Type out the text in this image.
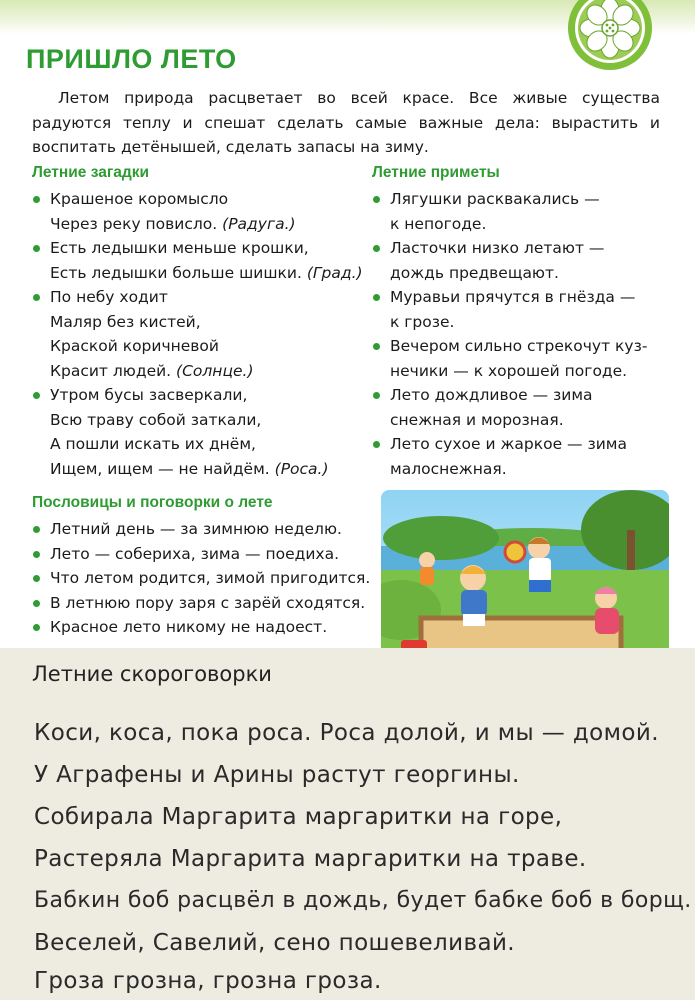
ПРИШЛО ЛЕТО
Летом природа расцветает во всей красе. Все живые существа радуются теплу и спешат сделать самые важные дела: вырастить и воспитать детёнышей, сделать запасы на зиму.
Летние загадки
Крашеное коромысло
Через реку повисло. (Радуга.)
Есть ледышки меньше крошки,
Есть ледышки больше шишки. (Град.)
По небу ходит
Маляр без кистей,
Краской коричневой
Красит людей. (Солнце.)
Утром бусы засверкали,
Всю траву собой заткали,
А пошли искать их днём,
Ищем, ищем — не найдём. (Роса.)
Летние приметы
Лягушки расквакались —
к непогоде.
Ласточки низко летают —
дождь предвещают.
Муравьи прячутся в гнёзда —
к грозе.
Вечером сильно стрекочут куз-
нечики — к хорошей погоде.
Лето дождливое — зима
снежная и морозная.
Лето сухое и жаркое — зима
малоснежная.
Пословицы и поговорки о лете
Летний день — за зимнюю неделю.
Лето — собериха, зима — поедиха.
Что летом родится, зимой пригодится.
В летнюю пору заря с зарёй сходятся.
Красное лето никому не надоест.
Летние скороговорки
Коси, коса, пока роса. Роса долой, и мы — домой.
У Аграфены и Арины растут георгины.
Собирала Маргарита маргаритки на горе,
Растеряла Маргарита маргаритки на траве.
Бабкин боб расцвёл в дождь, будет бабке боб в борщ.
Веселей, Савелий, сено пошевеливай.
Гроза грозна, грозна гроза.
